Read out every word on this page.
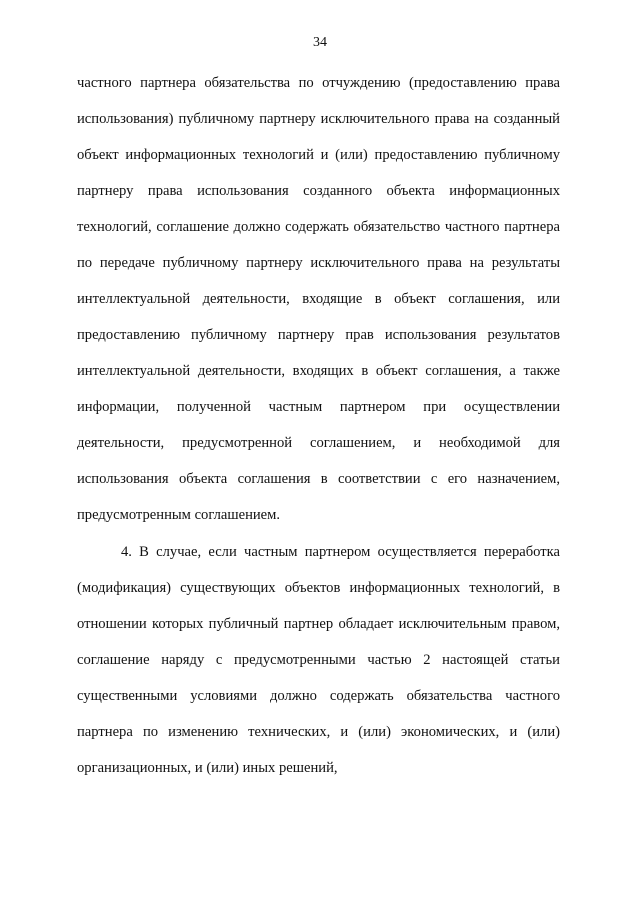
34

частного партнера обязательства по отчуждению (предоставлению права использования) публичному партнеру исключительного права на созданный объект информационных технологий и (или) предоставлению публичному партнеру права использования созданного объекта информационных технологий, соглашение должно содержать обязательство частного партнера по передаче публичному партнеру исключительного права на результаты интеллектуальной деятельности, входящие в объект соглашения, или предоставлению публичному партнеру прав использования результатов интеллектуальной деятельности, входящих в объект соглашения, а также информации, полученной частным партнером при осуществлении деятельности, предусмотренной соглашением, и необходимой для использования объекта соглашения в соответствии с его назначением, предусмотренным соглашением.

4. В случае, если частным партнером осуществляется переработка (модификация) существующих объектов информационных технологий, в отношении которых публичный партнер обладает исключительным правом, соглашение наряду с предусмотренными частью 2 настоящей статьи существенными условиями должно содержать обязательства частного партнера по изменению технических, и (или) экономических, и (или) организационных, и (или) иных решений,
